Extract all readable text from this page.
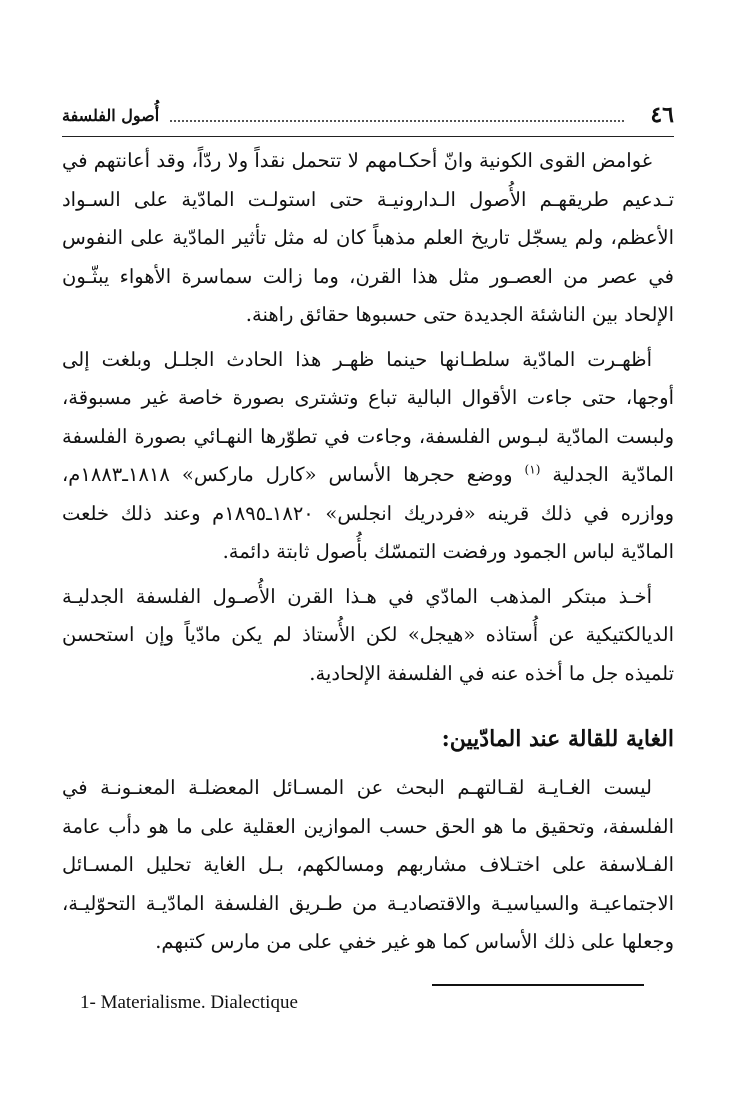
٤٦
أُصول الفلسفة

غوامض القوى الكونية وانّ أحكـامهم لا تتحمل نقداً ولا ردّاً، وقد أعانتهم في تـدعيم طريقهـم الأُصول الـدارونيـة حتى استولـت المادّية على السـواد الأعظم، ولم يسجّل تاريخ العلم مذهباً كان له مثل تأثير المادّية على النفوس في عصر من العصـور مثل هذا القرن، وما زالت سماسرة الأهواء يبثّـون الإلحاد بين الناشئة الجديدة حتى حسبوها حقائق راهنة.

أظهـرت المادّية سلطـانها حينما ظهـر هذا الحادث الجلـل وبلغت إلى أوجها، حتى جاءت الأقوال البالية تباع وتشترى بصورة خاصة غير مسبوقة، ولبست المادّية لبـوس الفلسفة، وجاءت في تطوّرها النهـائي بصورة الفلسفة المادّية الجدلية $^{(١)}$ ووضع حجرها الأساس «كارل ماركس» ١٨١٨ـ١٨٨٣م، ووازره في ذلك قرينه «فردريك انجلس» ١٨٢٠ـ١٨٩٥م وعند ذلك خلعت المادّية لباس الجمود ورفضت التمسّك بأُصول ثابتة دائمة.

أخـذ مبتكر المذهب المادّي في هـذا القرن الأُصـول الفلسفة الجدليـة الديالكتيكية عن أُستاذه «هيجل» لكن الأُستاذ لم يكن مادّياً وإن استحسن تلميذه جل ما أخذه عنه في الفلسفة الإلحادية.

الغاية للقالة عند المادّيين:

ليست الغـايـة لقـالتهـم البحث عن المسـائل المعضلـة المعنـونـة في الفلسفة، وتحقيق ما هو الحق حسب الموازين العقلية على ما هو دأب عامة الفـلاسفة على اختـلاف مشاربهم ومسالكهم، بـل الغاية تحليل المسـائل الاجتماعيـة والسياسيـة والاقتصاديـة من طـريق الفلسفة المادّيـة التحوّليـة، وجعلها على ذلك الأساس كما هو غير خفي على من مارس كتبهم.

1- Materialisme. Dialectique
